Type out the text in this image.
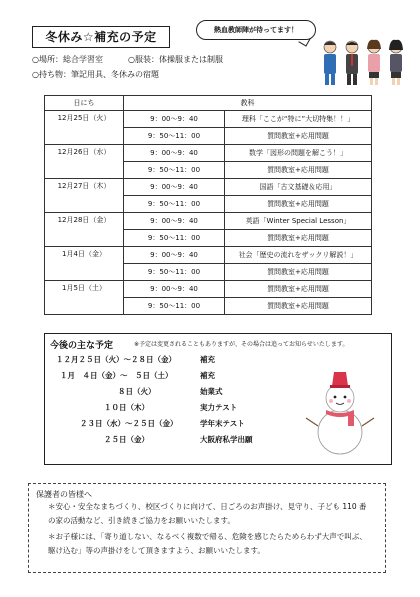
冬休み☆補充の予定	熱血教師陣が待ってます！
○場所：総合学習室	○服装：体操服または制服
○持ち物：筆記用具、冬休みの宿題
日にち	教科	
12月25日（火）	9：00〜9：40	理科「ここが“特に”大切特集！！」
	9：50〜11：00	質問教室+応用問題
12月26日（水）	9：00〜9：40	数学「図形の問題を解こう！」
	9：50〜11：00	質問教室+応用問題
12月27日（木）	9：00〜9：40	国語「古文基礎＆応用」
	9：50〜11：00	質問教室+応用問題
12月28日（金）	9：00〜9：40	英語「Winter Special Lesson」
	9：50〜11：00	質問教室+応用問題
1月4日（金）	9：00〜9：40	社会「歴史の流れをザックリ解説！」
	9：50〜11：00	質問教室+応用問題
1月5日（土）	9：00〜9：40	質問教室+応用問題
	9：50〜11：00	質問教室+応用問題
今後の主な予定	※予定は変更されることもありますが、その場合は追ってお知らせいたします。
１２月２５日（火）〜２８日（金）	補充
１月　４日（金）〜　５日（土）	補充
８日（火）	始業式
１０日（木）	実力テスト
２３日（水）〜２５日（金）	学年末テスト
２５日（金）	大阪府私学出願
保護者の皆様へ
＊安心・安全なまちづくり、校区づくりに向けて、日ごろのお声掛け、見守り、子ども 110 番の家の活動など、引き続きご協力をお願いいたします。
＊お子様には、「寄り道しない、なるべく複数で帰る、危険を感じたらためらわず大声で叫ぶ、駆け込む」等の声掛けをして頂きますよう、お願いいたします。
